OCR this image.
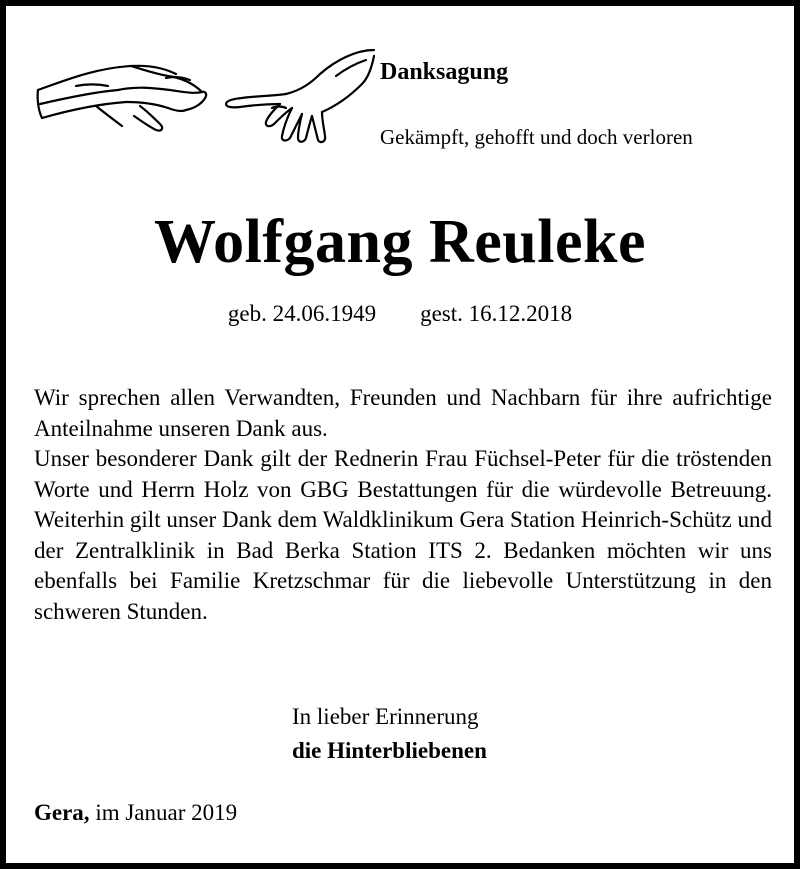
Danksagung
Gekämpft, gehofft und doch verloren
Wolfgang Reuleke
geb. 24.06.1949 gest. 16.12.2018

Wir sprechen allen Verwandten, Freunden und Nachbarn für ihre aufrichtige Anteilnahme unseren Dank aus.

Unser besonderer Dank gilt der Rednerin Frau Füchsel-Peter für die tröstenden Worte und Herrn Holz von GBG Bestattungen für die würdevolle Betreuung. Weiterhin gilt unser Dank dem Waldklinikum Gera Station Heinrich-Schütz und der Zentralklinik in Bad Berka Station ITS 2. Bedanken möchten wir uns ebenfalls bei Familie Kretzschmar für die liebevolle Unterstützung in den schweren Stunden.

In lieber Erinnerung
die Hinterbliebenen
Gera, im Januar 2019
